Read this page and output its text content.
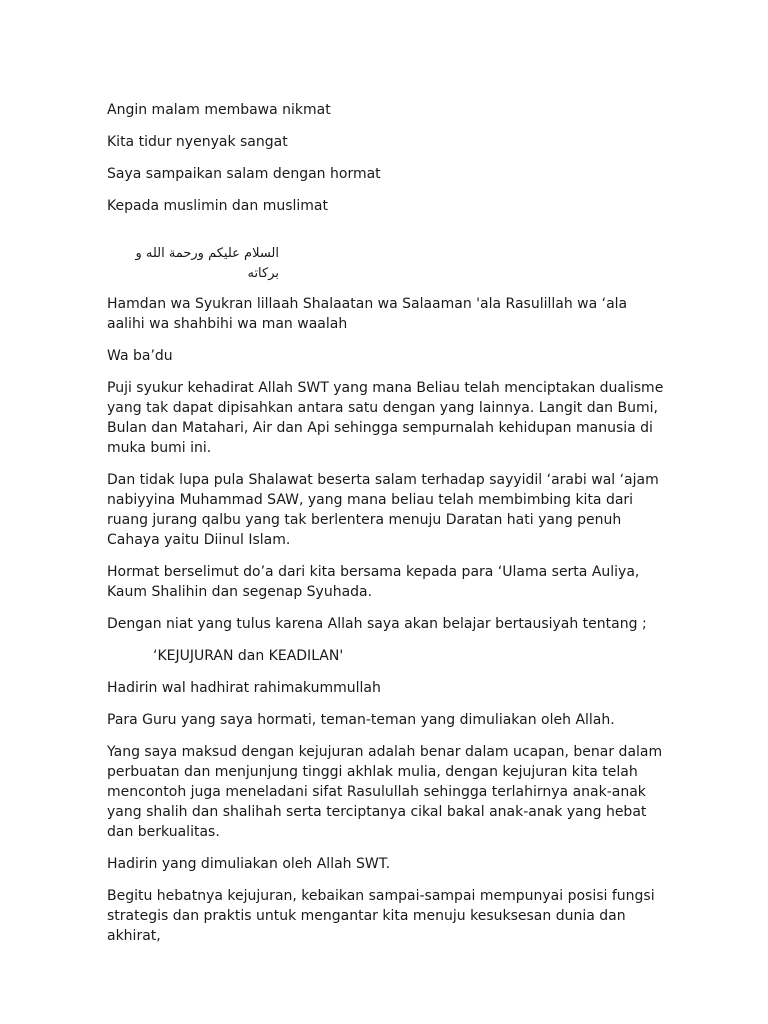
Angin malam membawa nikmat

Kita tidur nyenyak sangat

Saya sampaikan salam dengan hormat

Kepada muslimin dan muslimat

السلام عليكم ورحمة الله و بركاته

Hamdan wa Syukran lillaah Shalaatan wa Salaaman 'ala Rasulillah wa ‘ala aalihi wa shahbihi wa man waalah

Wa ba’du

Puji syukur kehadirat Allah SWT yang mana Beliau telah menciptakan dualisme yang tak dapat dipisahkan antara satu dengan yang lainnya. Langit dan Bumi, Bulan dan Matahari, Air dan Api sehingga sempurnalah kehidupan manusia di muka bumi ini.

Dan tidak lupa pula Shalawat beserta salam terhadap sayyidil ‘arabi wal ‘ajam nabiyyina Muhammad SAW, yang mana beliau telah membimbing kita dari ruang jurang qalbu yang tak berlentera menuju Daratan hati yang penuh Cahaya yaitu Diinul Islam.

Hormat berselimut do’a dari kita bersama kepada para ‘Ulama serta Auliya, Kaum Shalihin dan segenap Syuhada.

Dengan niat yang tulus karena Allah saya akan belajar bertausiyah tentang ;

‘KEJUJURAN dan KEADILAN'

Hadirin wal hadhirat rahimakummullah

Para Guru yang saya hormati, teman-teman yang dimuliakan oleh Allah.

Yang saya maksud dengan kejujuran adalah benar dalam ucapan, benar dalam perbuatan dan menjunjung tinggi akhlak mulia, dengan kejujuran kita telah mencontoh juga meneladani sifat Rasulullah sehingga terlahirnya anak-anak yang shalih dan shalihah serta terciptanya cikal bakal anak-anak yang hebat dan berkualitas.

Hadirin yang dimuliakan oleh Allah SWT.

Begitu hebatnya kejujuran, kebaikan sampai-sampai mempunyai posisi fungsi strategis dan praktis untuk mengantar kita menuju kesuksesan dunia dan akhirat,
